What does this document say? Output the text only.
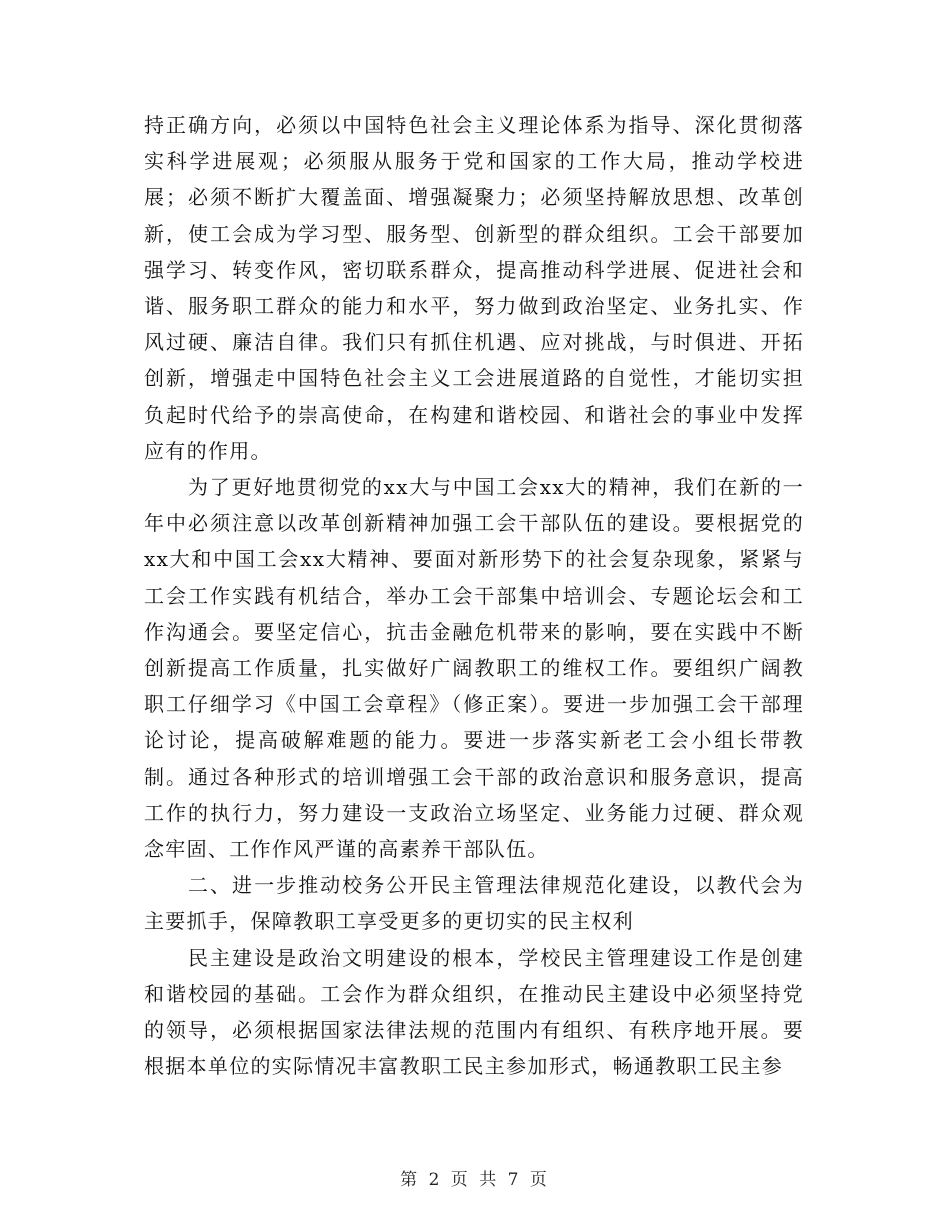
持正确方向，必须以中国特色社会主义理论体系为指导、深化贯彻落实科学进展观；必须服从服务于党和国家的工作大局，推动学校进展；必须不断扩大覆盖面、增强凝聚力；必须坚持解放思想、改革创新，使工会成为学习型、服务型、创新型的群众组织。工会干部要加强学习、转变作风，密切联系群众，提高推动科学进展、促进社会和谐、服务职工群众的能力和水平，努力做到政治坚定、业务扎实、作风过硬、廉洁自律。我们只有抓住机遇、应对挑战，与时俱进、开拓创新，增强走中国特色社会主义工会进展道路的自觉性，才能切实担负起时代给予的崇高使命，在构建和谐校园、和谐社会的事业中发挥应有的作用。

为了更好地贯彻党的xx大与中国工会xx大的精神，我们在新的一年中必须注意以改革创新精神加强工会干部队伍的建设。要根据党的xx大和中国工会xx大精神、要面对新形势下的社会复杂现象，紧紧与工会工作实践有机结合，举办工会干部集中培训会、专题论坛会和工作沟通会。要坚定信心，抗击金融危机带来的影响，要在实践中不断创新提高工作质量，扎实做好广阔教职工的维权工作。要组织广阔教职工仔细学习《中国工会章程》（修正案）。要进一步加强工会干部理论讨论，提高破解难题的能力。要进一步落实新老工会小组长带教制。通过各种形式的培训增强工会干部的政治意识和服务意识，提高工作的执行力，努力建设一支政治立场坚定、业务能力过硬、群众观念牢固、工作作风严谨的高素养干部队伍。

二、进一步推动校务公开民主管理法律规范化建设，以教代会为主要抓手，保障教职工享受更多的更切实的民主权利

民主建设是政治文明建设的根本，学校民主管理建设工作是创建和谐校园的基础。工会作为群众组织，在推动民主建设中必须坚持党的领导，必须根据国家法律法规的范围内有组织、有秩序地开展。要根据本单位的实际情况丰富教职工民主参加形式，畅通教职工民主参

第 2 页 共 7 页
